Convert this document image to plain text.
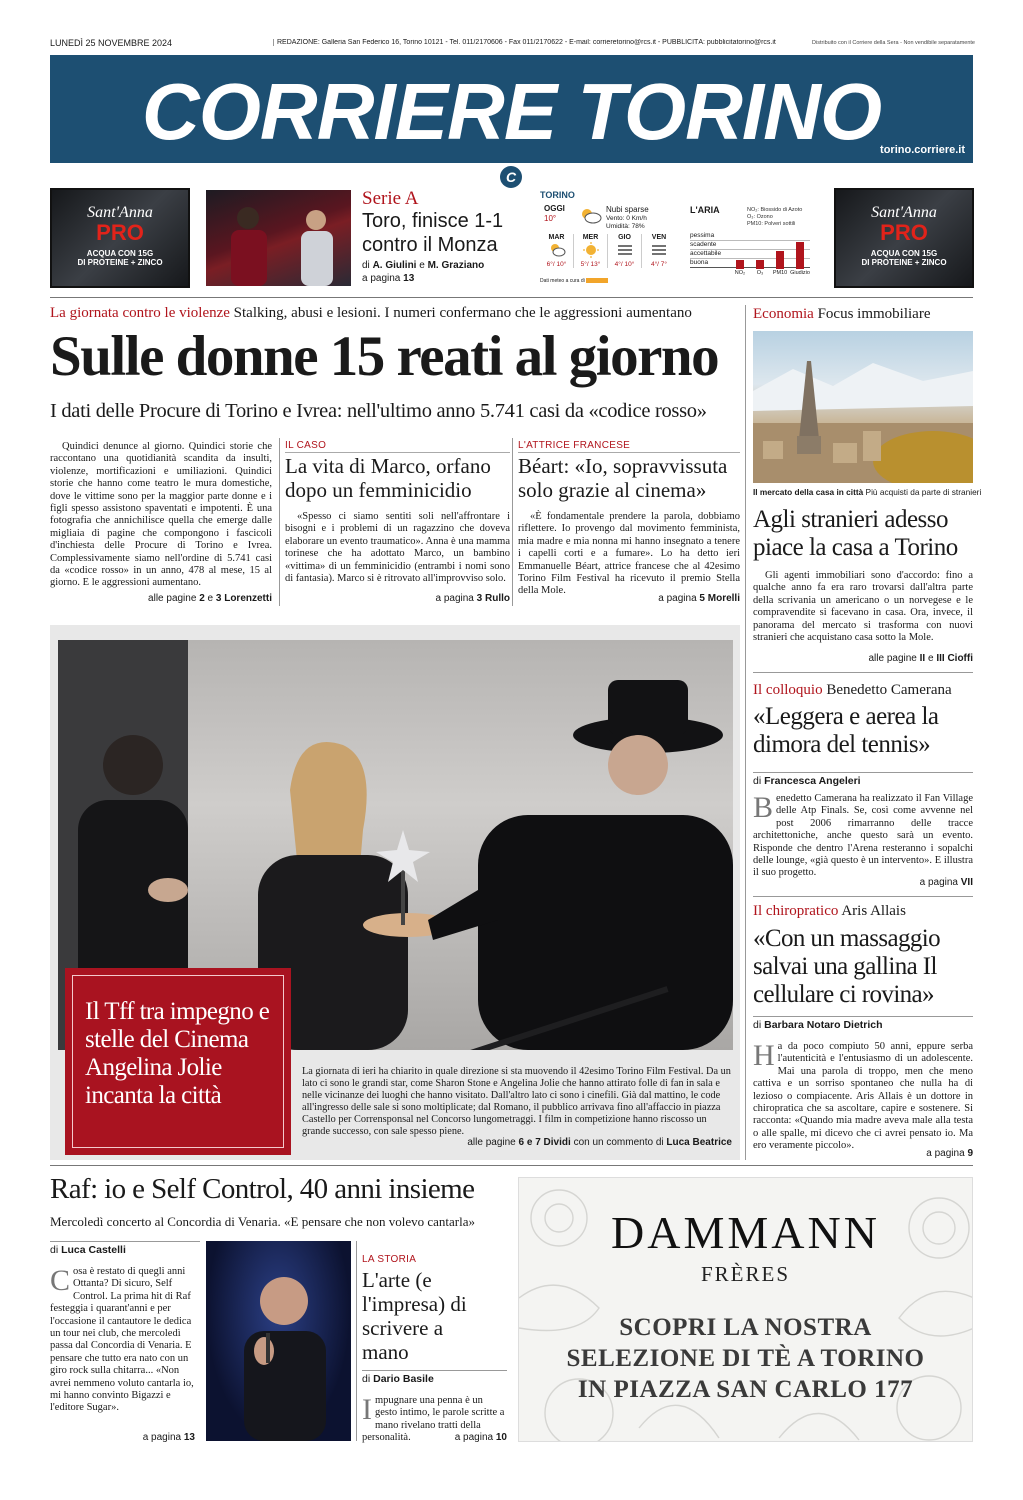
LUNEDÌ 25 NOVEMBRE 2024	REDAZIONE: Galleria San Federico 16, Torino 10121 - Tel. 011/2170606 - Fax 011/2170622 - E-mail: corrieretorino@rcs.it - PUBBLICITÀ: pubblicitatorino@rcs.it	Distribuito con il Corriere della Sera - Non vendibile separatamente
CORRIERE TORINO
torino.corriere.it
C
Sant'Anna
PRO
ACQUA CON 15G
DI PROTEINE + ZINCO
Sant'Anna
PRO
ACQUA CON 15G
DI PROTEINE + ZINCO
Serie A
Toro, finisce 1-1 contro il Monza
di A. Giulini e M. Graziano
a pagina 13
TORINO
OGGI
10°
Nubi sparse
Vento: 0 Km/h
Umidità: 78%
MAR
6°/ 10°
MER
5°/ 13°
GIO
4°/ 10°
VEN
4°/ 7°
Dati meteo a cura di
L'ARIA	NO₂: Biossido di Azoto
O₃: Ozono
PM10: Polveri sottili
pessima
scadente
accettabile
buona
NO₂	O₃	PM10 Giudizio
La giornata contro le violenze Stalking, abusi e lesioni. I numeri confermano che le aggressioni aumentano
Sulle donne 15 reati al giorno
I dati delle Procure di Torino e Ivrea: nell'ultimo anno 5.741 casi da «codice rosso»
Quindici denunce al giorno. Quindici storie che raccontano una quotidianità scandita da insulti, violenze, mortificazioni e umiliazioni. Quindici storie che hanno come teatro le mura domestiche, dove le vittime sono per la maggior parte donne e i figli spesso assistono spaventati e impotenti. È una fotografia che annichilisce quella che emerge dalle migliaia di pagine che compongono i fascicoli d'inchiesta delle Procure di Torino e Ivrea. Complessivamente siamo nell'ordine di 5.741 casi da «codice rosso» in un anno, 478 al mese, 15 al giorno. E le aggressioni aumentano.
alle pagine 2 e 3 Lorenzetti
IL CASO
La vita di Marco, orfano dopo un femminicidio
«Spesso ci siamo sentiti soli nell'affrontare i bisogni e i problemi di un ragazzino che doveva elaborare un evento traumatico». Anna è una mamma torinese che ha adottato Marco, un bambino «vittima» di un femminicidio (entrambi i nomi sono di fantasia). Marco si è ritrovato all'improvviso solo.
a pagina 3 Rullo
L'ATTRICE FRANCESE
Béart: «Io, sopravvissuta solo grazie al cinema»
«È fondamentale prendere la parola, dobbiamo riflettere. Io provengo dal movimento femminista, mia madre e mia nonna mi hanno insegnato a tenere i capelli corti e a fumare». Lo ha detto ieri Emmanuelle Béart, attrice francese che al 42esimo Torino Film Festival ha ricevuto il premio Stella della Mole.
a pagina 5 Morelli
Il Tff tra impegno e stelle del Cinema Angelina Jolie incanta la città
La giornata di ieri ha chiarito in quale direzione si sta muovendo il 42esimo Torino Film Festival. Da un lato ci sono le grandi star, come Sharon Stone e Angelina Jolie che hanno attirato folle di fan in sala e nelle vicinanze dei luoghi che hanno visitato. Dall'altro lato ci sono i cinefili. Già dal mattino, le code all'ingresso delle sale si sono moltiplicate; dal Romano, il pubblico arrivava fino all'affaccio in piazza Castello per Corrensponsal nel Concorso lungometraggi. I film in competizione hanno riscosso un grande successo, con sale spesso piene.
alle pagine 6 e 7 Dividi con un commento di Luca Beatrice
Economia Focus immobiliare
Il mercato della casa in città Più acquisti da parte di stranieri
Agli stranieri adesso piace la casa a Torino
Gli agenti immobiliari sono d'accordo: fino a qualche anno fa era raro trovarsi dall'altra parte della scrivania un americano o un norvegese e le compravendite si facevano in casa. Ora, invece, il panorama del mercato si trasforma con nuovi stranieri che acquistano casa sotto la Mole.
alle pagine II e III Cioffi
Il colloquio Benedetto Camerana
«Leggera e aerea la dimora del tennis»
di Francesca Angeleri
Benedetto Camerana ha realizzato il Fan Village delle Atp Finals. Se, così come avvenne nel post 2006 rimarranno delle tracce architettoniche, anche questo sarà un evento. Risponde che dentro l'Arena resteranno i sopalchi delle lounge, «già questo è un intervento». E illustra il suo progetto.
a pagina VII
Il chiropratico Aris Allais
«Con un massaggio salvai una gallina Il cellulare ci rovina»
di Barbara Notaro Dietrich
Ha da poco compiuto 50 anni, eppure serba l'autenticità e l'entusiasmo di un adolescente. Mai una parola di troppo, men che meno cattiva e un sorriso spontaneo che nulla ha di lezioso o compiacente. Aris Allais è un dottore in chiropratica che sa ascoltare, capire e sostenere. Si racconta: «Quando mia madre aveva male alla testa o alle spalle, mi dicevo che ci avrei pensato io. Ma ero veramente piccolo».
a pagina 9
Raf: io e Self Control, 40 anni insieme
Mercoledì concerto al Concordia di Venaria. «E pensare che non volevo cantarla»
di Luca Castelli
Cosa è restato di quegli anni Ottanta? Di sicuro, Self Control. La prima hit di Raf festeggia i quarant'anni e per l'occasione il cantautore le dedica un tour nei club, che mercoledì passa dal Concordia di Venaria. E pensare che tutto era nato con un giro rock sulla chitarra... «Non avrei nemmeno voluto cantarla io, mi hanno convinto Bigazzi e l'editore Sugar».
a pagina 13
LA STORIA
L'arte (e l'impresa) di scrivere a mano
di Dario Basile
Impugnare una penna è un gesto intimo, le parole scritte a mano rivelano tratti della personalità.	a pagina 10
DAMMANN
FRÈRES
SCOPRI LA NOSTRA
SELEZIONE DI TÈ A TORINO
IN PIAZZA SAN CARLO 177
